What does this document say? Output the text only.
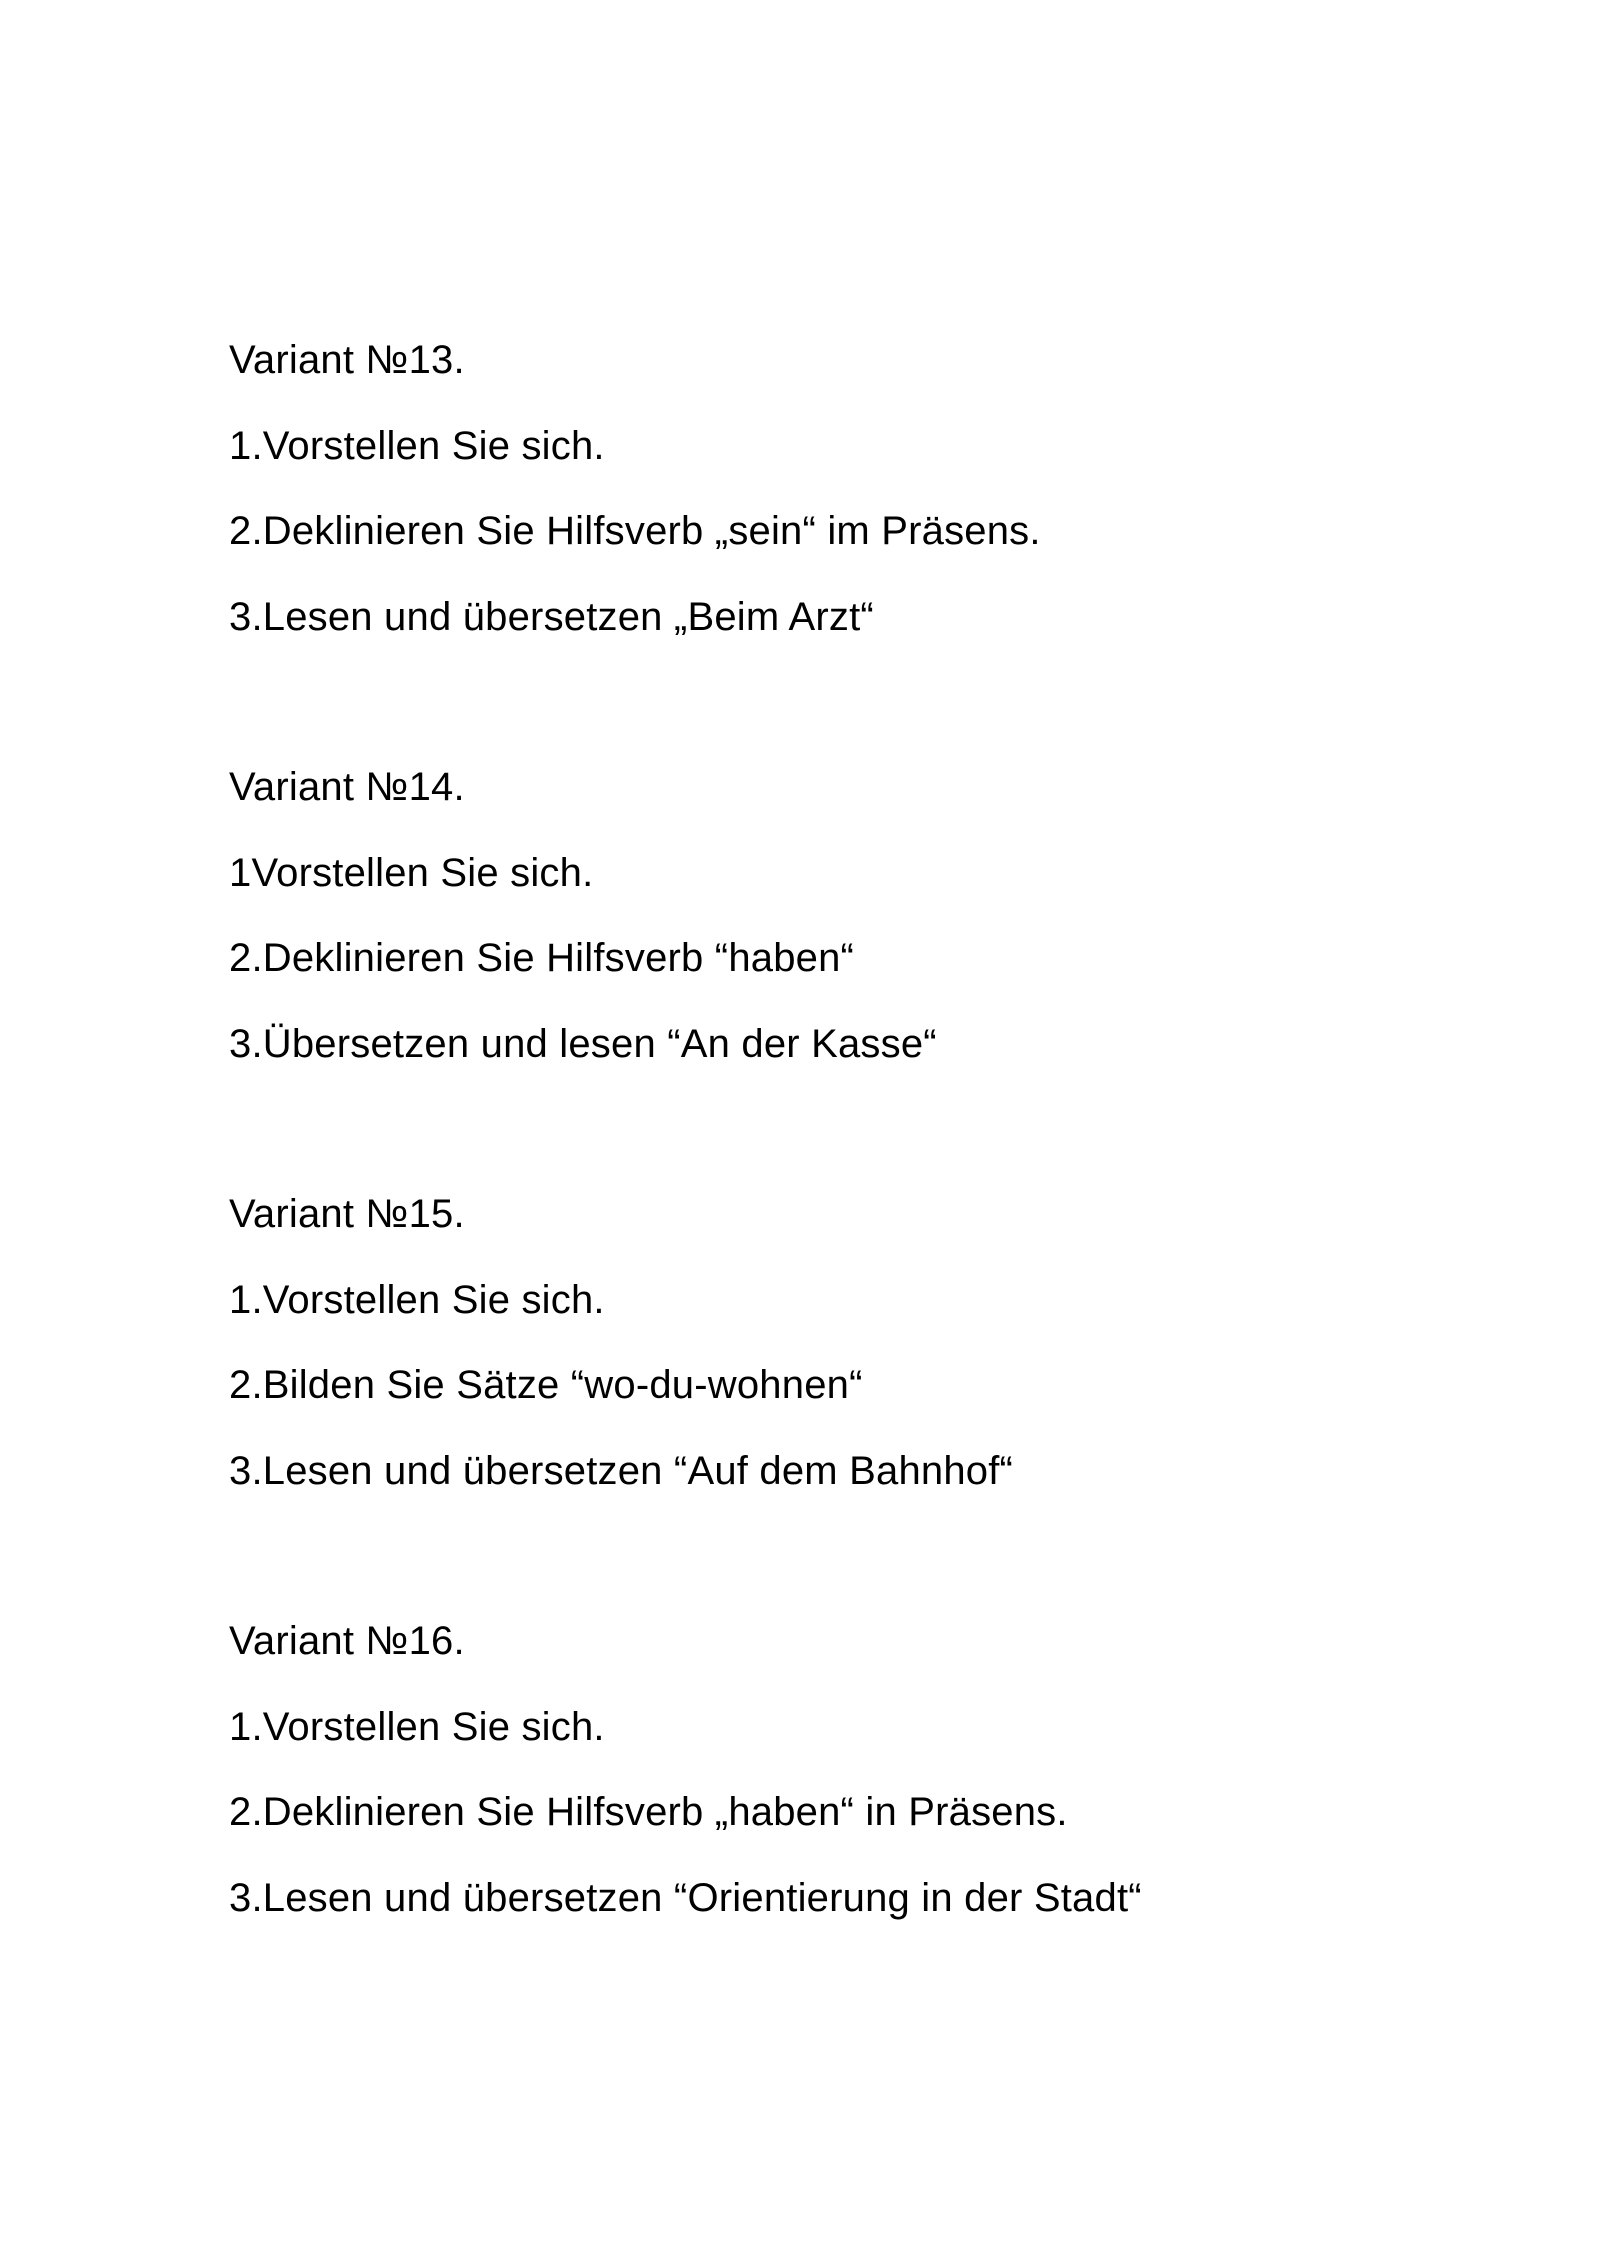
Variant №13.
1.Vorstellen Sie sich.
2.Deklinieren Sie Hilfsverb „sein“ im Präsens.
3.Lesen und übersetzen „Beim Arzt“
Variant №14.
1Vorstellen Sie sich.
2.Deklinieren Sie Hilfsverb “haben“
3.Übersetzen und lesen “An der Kasse“
Variant №15.
1.Vorstellen Sie sich.
2.Bilden Sie Sätze “wo-du-wohnen“
3.Lesen und übersetzen “Auf dem Bahnhof“
Variant №16.
1.Vorstellen Sie sich.
2.Deklinieren Sie Hilfsverb „haben“ in Präsens.
3.Lesen und übersetzen “Orientierung in der Stadt“
